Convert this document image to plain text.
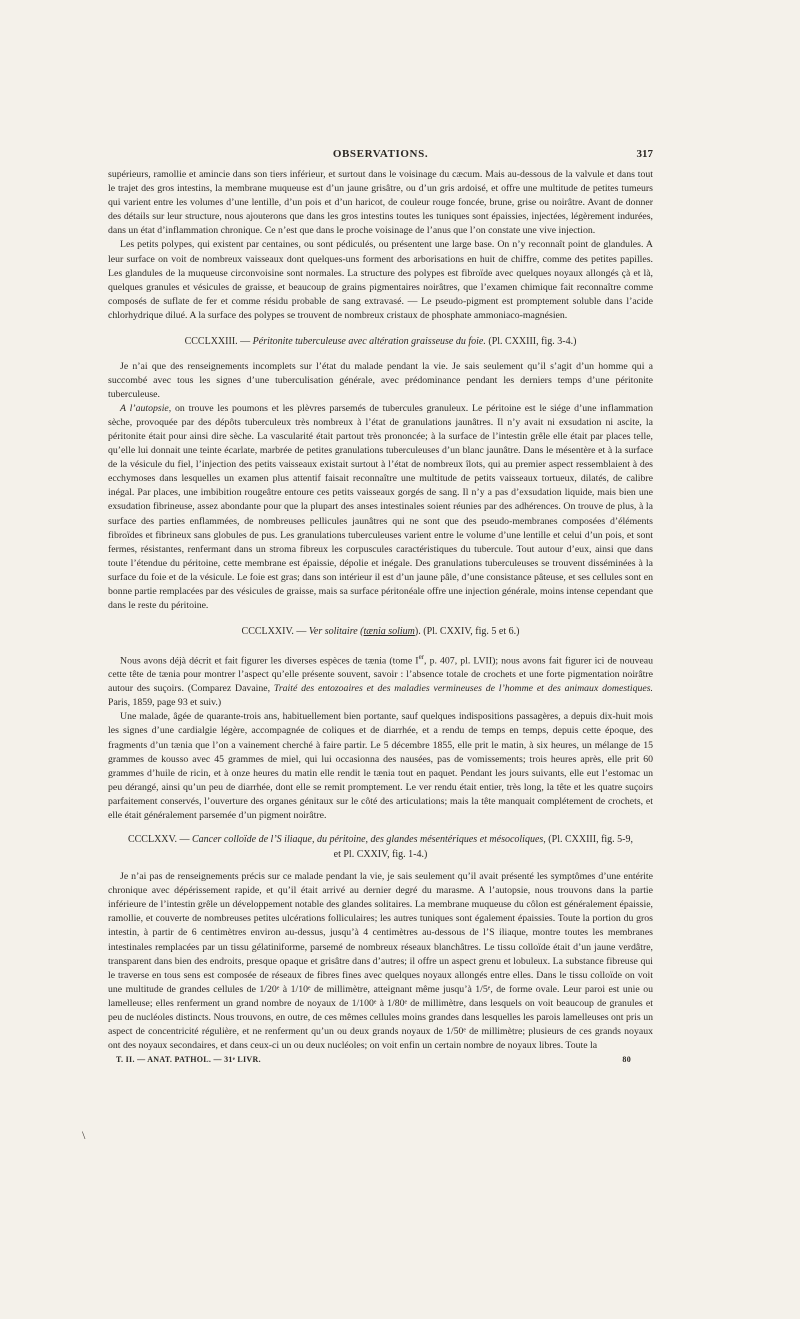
OBSERVATIONS.	317

supérieurs, ramollie et amincie dans son tiers inférieur, et surtout dans le voisinage du cæcum. Mais au-dessous de la valvule et dans tout le trajet des gros intestins, la membrane muqueuse est d’un jaune grisâtre, ou d’un gris ardoisé, et offre une multitude de petites tumeurs qui varient entre les volumes d’une lentille, d’un pois et d’un haricot, de couleur rouge foncée, brune, grise ou noirâtre. Avant de donner des détails sur leur structure, nous ajouterons que dans les gros intestins toutes les tuniques sont épaissies, injectées, légèrement indurées, dans un état d’inflammation chronique. Ce n’est que dans le proche voisinage de l’anus que l’on constate une vive injection.

Les petits polypes, qui existent par centaines, ou sont pédiculés, ou présentent une large base. On n’y reconnaît point de glandules. A leur surface on voit de nombreux vaisseaux dont quelques-uns forment des arborisations en huit de chiffre, comme des petites papilles. Les glandules de la muqueuse circonvoisine sont normales. La structure des polypes est fibroïde avec quelques noyaux allongés çà et là, quelques granules et vésicules de graisse, et beaucoup de grains pigmentaires noirâtres, que l’examen chimique fait reconnaître comme composés de suflate de fer et comme résidu probable de sang extravasé. — Le pseudo-pigment est promptement soluble dans l’acide chlorhydrique dilué. A la surface des polypes se trouvent de nombreux cristaux de phosphate ammoniaco-magnésien.

CCCLXXIII. — Péritonite tuberculeuse avec altération graisseuse du foie. (Pl. CXXIII, fig. 3-4.)

Je n’ai que des renseignements incomplets sur l’état du malade pendant la vie. Je sais seulement qu’il s’agit d’un homme qui a succombé avec tous les signes d’une tuberculisation générale, avec prédominance pendant les derniers temps d’une péritonite tuberculeuse.

A l’autopsie, on trouve les poumons et les plèvres parsemés de tubercules granuleux. Le péritoine est le siége d’une inflammation sèche, provoquée par des dépôts tuberculeux très nombreux à l’état de granulations jaunâtres. Il n’y avait ni exsudation ni ascite, la péritonite était pour ainsi dire sèche. La vascularité était partout très prononcée; à la surface de l’intestin grêle elle était par places telle, qu’elle lui donnait une teinte écarlate, marbrée de petites granulations tuberculeuses d’un blanc jaunâtre. Dans le mésentère et à la surface de la vésicule du fiel, l’injection des petits vaisseaux existait surtout à l’état de nombreux îlots, qui au premier aspect ressemblaient à des ecchymoses dans lesquelles un examen plus attentif faisait reconnaître une multitude de petits vaisseaux tortueux, dilatés, de calibre inégal. Par places, une imbibition rougeâtre entoure ces petits vaisseaux gorgés de sang. Il n’y a pas d’exsudation liquide, mais bien une exsudation fibrineuse, assez abondante pour que la plupart des anses intestinales soient réunies par des adhérences. On trouve de plus, à la surface des parties enflammées, de nombreuses pellicules jaunâtres qui ne sont que des pseudo-membranes composées d’éléments fibroïdes et fibrineux sans globules de pus. Les granulations tuberculeuses varient entre le volume d’une lentille et celui d’un pois, et sont fermes, résistantes, renfermant dans un stroma fibreux les corpuscules caractéristiques du tubercule. Tout autour d’eux, ainsi que dans toute l’étendue du péritoine, cette membrane est épaissie, dépolie et inégale. Des granulations tuberculeuses se trouvent disséminées à la surface du foie et de la vésicule. Le foie est gras; dans son intérieur il est d’un jaune pâle, d’une consistance pâteuse, et ses cellules sont en bonne partie remplacées par des vésicules de graisse, mais sa surface péritonéale offre une injection générale, moins intense cependant que dans le reste du péritoine.

CCCLXXIV. — Ver solitaire (tænia solium). (Pl. CXXIV, fig. 5 et 6.)

Nous avons déjà décrit et fait figurer les diverses espèces de tænia (tome Ier, p. 407, pl. LVII); nous avons fait figurer ici de nouveau cette tête de tænia pour montrer l’aspect qu’elle présente souvent, savoir : l’absence totale de crochets et une forte pigmentation noirâtre autour des suçoirs. (Comparez Davaine, Traité des entozoaires et des maladies vermineuses de l’homme et des animaux domestiques. Paris, 1859, page 93 et suiv.)

Une malade, âgée de quarante-trois ans, habituellement bien portante, sauf quelques indispositions passagères, a depuis dix-huit mois les signes d’une cardialgie légère, accompagnée de coliques et de diarrhée, et a rendu de temps en temps, depuis cette époque, des fragments d’un tænia que l’on a vainement cherché à faire partir. Le 5 décembre 1855, elle prit le matin, à six heures, un mélange de 15 grammes de kousso avec 45 grammes de miel, qui lui occasionna des nausées, pas de vomissements; trois heures après, elle prit 60 grammes d’huile de ricin, et à onze heures du matin elle rendit le tænia tout en paquet. Pendant les jours suivants, elle eut l’estomac un peu dérangé, ainsi qu’un peu de diarrhée, dont elle se remit promptement. Le ver rendu était entier, très long, la tête et les quatre suçoirs parfaitement conservés, l’ouverture des organes génitaux sur le côté des articulations; mais la tête manquait complétement de crochets, et elle était généralement parsemée d’un pigment noirâtre.

CCCLXXV. — Cancer colloïde de l’S iliaque, du péritoine, des glandes mésentériques et mésocoliques, (Pl. CXXIII, fig. 5-9,
et Pl. CXXIV, fig. 1-4.)

Je n’ai pas de renseignements précis sur ce malade pendant la vie, je sais seulement qu’il avait présenté les symptômes d’une entérite chronique avec dépérissement rapide, et qu’il était arrivé au dernier degré du marasme. A l’autopsie, nous trouvons dans la partie inférieure de l’intestin grêle un développement notable des glandes solitaires. La membrane muqueuse du côlon est généralement épaissie, ramollie, et couverte de nombreuses petites ulcérations folliculaires; les autres tuniques sont également épaissies. Toute la portion du gros intestin, à partir de 6 centimètres environ au-dessus, jusqu’à 4 centimètres au-dessous de l’S iliaque, montre toutes les membranes intestinales remplacées par un tissu gélatiniforme, parsemé de nombreux réseaux blanchâtres. Le tissu colloïde était d’un jaune verdâtre, transparent dans bien des endroits, presque opaque et grisâtre dans d’autres; il offre un aspect grenu et lobuleux. La substance fibreuse qui le traverse en tous sens est composée de réseaux de fibres fines avec quelques noyaux allongés entre elles. Dans le tissu colloïde on voit une multitude de grandes cellules de 1/20ᵉ à 1/10ᵉ de millimètre, atteignant même jusqu’à 1/5ᵉ, de forme ovale. Leur paroi est unie ou lamelleuse; elles renferment un grand nombre de noyaux de 1/100ᵉ à 1/80ᵉ de millimètre, dans lesquels on voit beaucoup de granules et peu de nucléoles distincts. Nous trouvons, en outre, de ces mêmes cellules moins grandes dans lesquelles les parois lamelleuses ont pris un aspect de concentricité régulière, et ne renferment qu’un ou deux grands noyaux de 1/50ᵉ de millimètre; plusieurs de ces grands noyaux ont des noyaux secondaires, et dans ceux-ci un ou deux nucléoles; on voit enfin un certain nombre de noyaux libres. Toute la

T. II. — ANAT. PATHOL. — 31ᵉ LIVR.	80
\
